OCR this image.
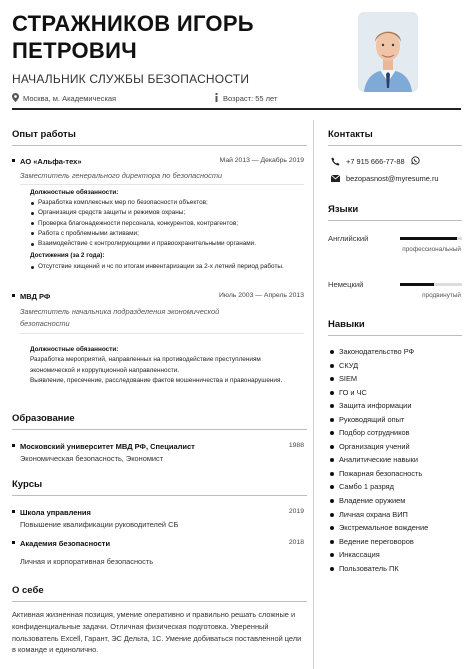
СТРАЖНИКОВ ИГОРЬ ПЕТРОВИЧ
НАЧАЛЬНИК СЛУЖБЫ БЕЗОПАСНОСТИ
Москва, м. Академическая	Возраст: 55 лет
Опыт работы
АО «Альфа-тех»	Май 2013 — Декабрь 2019
Заместитель генерального директора по безопасности
Должностные обязанности:
Разработка комплексных мер по безопасности объектов;
Организация средств защиты и режимов охраны;
Проверка благонадежности персонала, конкурентов, контрагентов;
Работа с проблемными активами;
Взаимодействие с контролирующими и правоохранительными органами.
Достижения (за 2 года):
Отсутствие хищений и чс по итогам инвентаризации за 2-х летний период работы.
МВД РФ	Июль 2003 — Апрель 2013
Заместитель начальника подразделения экономической безопасности
Должностные обязанности:
Разработка мероприятий, направленных на противодействие преступлениям экономической и коррупционной направленности.
Выявление, пресечение, расследование фактов мошенничества и правонарушения.
Образование
Московский университет МВД РФ, Специалист	1988
Экономическая безопасность, Экономист
Курсы
Школа управления	2019
Повышение квалификации руководителей СБ
Академия безопасности	2018
Личная и корпоративная безопасность
О себе
Активная жизненная позиция, умение оперативно и правильно решать сложные и конфиденциальные задачи. Отличная физическая подготовка. Уверенный пользователь Excell, Гарант, ЭС Дельта, 1С. Умение добиваться поставленной цели в команде и единолично.
Контакты
+7 915 666-77-88
bezopasnost@myresume.ru
Языки
Английский
профессиональный
Немецкий
продвинутый
Навыки
Законодательство РФ
СКУД
SIEM
ГО и ЧС
Защита информации
Руководящий опыт
Подбор сотрудников
Организация учений
Аналитические навыки
Пожарная безопасность
Самбо 1 разряд
Владение оружием
Личная охрана ВИП
Экстремальное вождение
Ведение переговоров
Инкассация
Пользователь ПК
